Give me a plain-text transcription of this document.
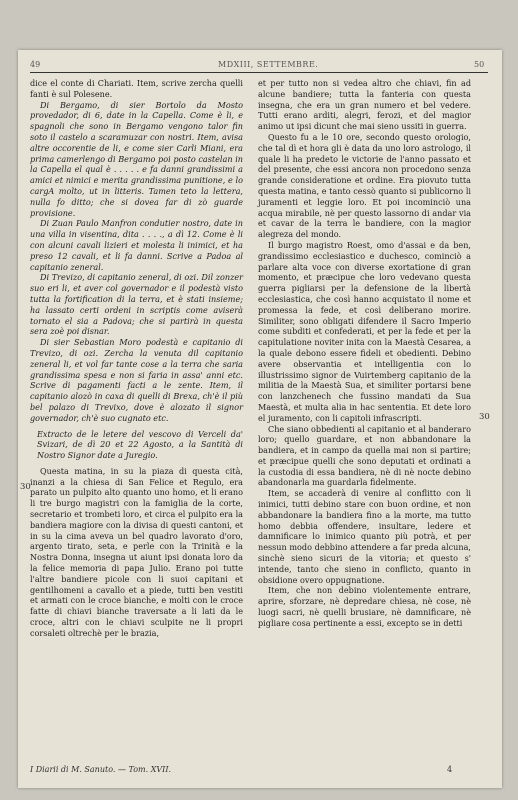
49	MDXIII, SETTEMBRE.	50

dice el conte di Chariati. Item, scrive zercha quelli fanti è sul Polesene.

Di Bergamo, di sier Bortolo da Mosto provedador, di 6, date in la Capella. Come è li, e spagnoli che sono in Bergamo vengono talor fin soto il castelo a scaramuzar con nostri. Item, avisa altre occorentie de li, e come sier Carli Miani, era prima camerlengo di Bergamo poi posto castelan in la Capella el qual è . . . . . e fa danni grandissimi a amici et nimici e merita grandissima punitione, e lo cargA molto, ut in litteris. Tamen teto la lettera, nulla fo ditto; che si dovea far di zò guarde provisione.

Di Zuan Paulo Manfron condutier nostro, date in una villa in visentina, dita . . . ., a dì 12. Come è li con alcuni cavali lizieri et molesta li inimici, et ha preso 12 cavali, et li fa danni. Scrive a Padoa al capitanio zeneral.

Di Trevizo, di capitanio zeneral, di ozi. Dil zonzer suo eri li, et aver col governador e il podestà visto tutta la fortification di la terra, et è stati insieme; ha lassato certi ordeni in scriptis come aviserà tornato el sia a Padova; che si partirà in questa sera zoè poi disnar.

Di sier Sebastian Moro podestà e capitanio di Trevizo, di ozi. Zercha la venuta dil capitanio zeneral li, et vol far tante cose a la terra che saria grandissima spesa e non si faria in assa' anni etc. Scrive di pagamenti facti a le zente. Item, il capitanio alozò in caxa di quelli di Brexa, ch'è il più bel palazo di Trevixo, dove è alozato il signor governador, ch'è suo cugnato etc.

Extracto de le letere del vescovo di Verceli da' Svizari, de dì 20 et 22 Agosto, a la Santità di Nostro Signor date a Juregio.

Questa matina, in su la piaza di questa cità, inanzi a la chiesa di San Felice et Regulo, era parato un pulpito alto quanto uno homo, et li erano li tre burgo magistri con la famiglia de la corte, secretario et trombeti loro, et circa el pulpito era la bandiera magiore con la divisa di questi cantoni, et in su la cima aveva un bel quadro lavorato d'oro, argento tirato, seta, e perle con la Trinità e la Nostra Donna, insegna ut aiunt ipsi donata loro da la felice memoria di papa Julio. Erano poi tutte l'altre bandiere picole con li suoi capitani et gentilhomeni a cavallo et a piede, tutti ben vestiti et armati con le croce bianche, e molti con le croce fatte di chiavi bianche traversate a li lati da le croce, altri con le chiavi sculpite ne li propri corsaleti oltrechè per le brazia,

et per tutto non si vedea altro che chiavi, fin ad alcune bandiere; tutta la fanteria con questa insegna, che era un gran numero et bel vedere. Tutti erano arditi, alegri, ferozi, et del magior animo ut ipsi dicunt che mai sieno ussiti in guerra.

Questo fu a le 10 ore, secondo questo orologio, che tal dì et hora gli è data da uno loro astrologo, il quale li ha predeto le victorie de l'anno passato et del presente, che essi ancora non procedono senza grande consideratione et ordine. Era piovuto tutta questa matina, e tanto cessò quanto si publicorno li juramenti et leggie loro. Et poi incominciò una acqua mirabile, nè per questo lassorno di andar via et cavar de la terra le bandiere, con la magior alegreza del mondo.

Il burgo magistro Roest, omo d'assai e da ben, grandissimo ecclesiastico e duchesco, cominciò a parlare alta voce con diverse exortatione di gran momento, et præcipue che loro vedevano questa guerra pigliarsi per la defensione de la libertà ecclesiastica, che così hanno acquistato il nome et promessa la fede, et così deliberano morire. Similiter, sono obligati difendere il Sacro Imperio come subditi et confederati, et per la fede et per la capitulatione noviter inita con la Maestà Cesarea, a la quale debono essere fideli et obedienti. Debino avere observantia et intelligentia con lo illustrissimo signor de Vuirtemberg capitanio de la militia de la Maestà Sua, et similiter portarsi bene con lanzchenech che fussino mandati da Sua Maestà, et multa alia in hac sententia. Et dete loro el juramento, con li capitoli infrascripti.

Che siano obbedienti al capitanio et al banderaro loro; quello guardare, et non abbandonare la bandiera, et in campo da quella mai non si partire; et præcipue quelli che sono deputati et ordinati a la custodia di essa bandiera, nè di nè nocte debino abandonarla ma guardarla fidelmente.

Item, se accaderà di venire al conflitto con li inimici, tutti debino stare con buon ordine, et non abbandonare la bandiera fino a la morte, ma tutto homo debbia offendere, insultare, ledere et damnificare lo inimico quanto più potrà, et per nessun modo debbino attendere a far preda alcuna, sinchè sieno sicuri de la vitoria; et questo s' intende, tanto che sieno in conflicto, quanto in obsidione overo oppugnatione.

Item, che non debino violentemente entrare, aprire, sforzare, nè depredare chiesa, nè cose, nè luogi sacri, nè quelli brusiare, nè damnificare, nè pigliare cosa pertinente a essi, excepto se in detti

30
30
I Diarii di M. Sanuto. — Tom. XVII.	4
